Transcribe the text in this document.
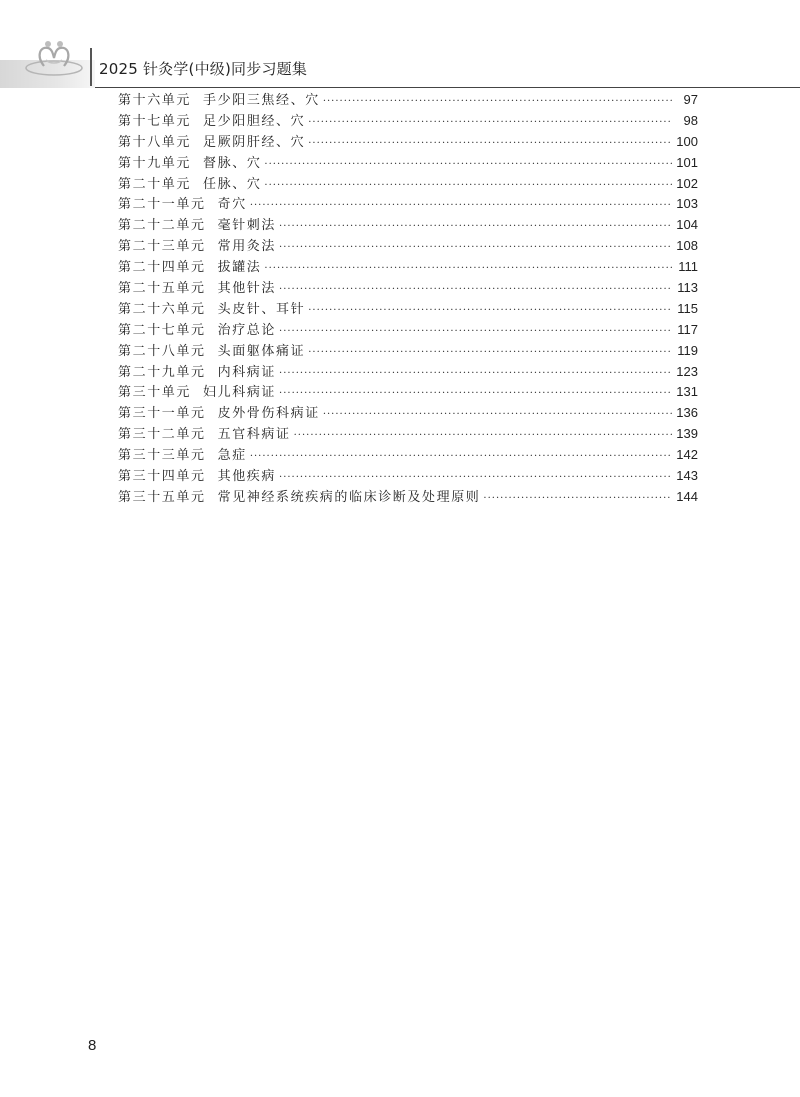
2025 针灸学(中级)同步习题集
第十六单元 手少阳三焦经、穴 ·····	97
第十七单元 足少阳胆经、穴 ·····	98
第十八单元 足厥阴肝经、穴 ·····	100
第十九单元 督脉、穴 ·····	101
第二十单元 任脉、穴 ·····	102
第二十一单元 奇穴 ·····	103
第二十二单元 毫针刺法 ·····	104
第二十三单元 常用灸法 ·····	108
第二十四单元 拔罐法 ·····	111
第二十五单元 其他针法 ·····	113
第二十六单元 头皮针、耳针 ·····	115
第二十七单元 治疗总论 ·····	117
第二十八单元 头面躯体痛证 ·····	119
第二十九单元 内科病证 ·····	123
第三十单元 妇儿科病证 ·····	131
第三十一单元 皮外骨伤科病证 ·····	136
第三十二单元 五官科病证 ·····	139
第三十三单元 急症 ·····	142
第三十四单元 其他疾病 ·····	143
第三十五单元 常见神经系统疾病的临床诊断及处理原则 ·····	144
8
